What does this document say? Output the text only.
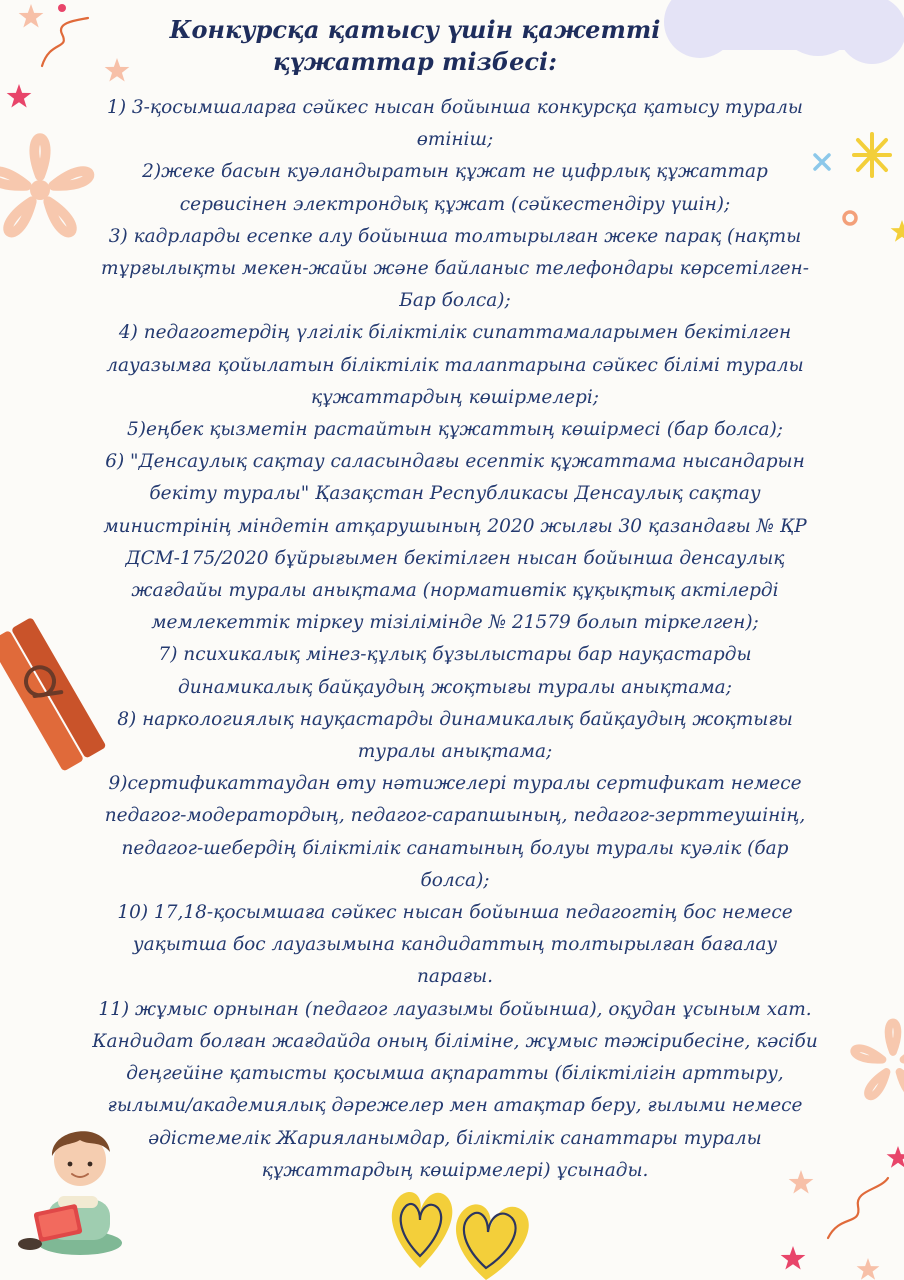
Конкурсқа қатысу үшін қажетті
құжаттар тізбесі:
1) 3-қосымшаларға сәйкес нысан бойынша конкурсқа қатысу туралы
өтініш;
2)жеке басын куәландыратын құжат не цифрлық құжаттар
сервисінен электрондық құжат (сәйкестендіру үшін);
3) кадрларды есепке алу бойынша толтырылған жеке парақ (нақты
тұрғылықты мекен-жайы және байланыс телефондары көрсетілген-
Бар болса);
4) педагогтердің үлгілік біліктілік сипаттамаларымен бекітілген
лауазымға қойылатын біліктілік талаптарына сәйкес білімі туралы
құжаттардың көшірмелері;
5)еңбек қызметін растайтын құжаттың көшірмесі (бар болса);
6) "Денсаулық сақтау саласындағы есептік құжаттама нысандарын
бекіту туралы" Қазақстан Республикасы Денсаулық сақтау
министрінің міндетін атқарушының 2020 жылғы 30 қазандағы № ҚР
ДСМ-175/2020 бұйрығымен бекітілген нысан бойынша денсаулық
жағдайы туралы анықтама (нормативтік құқықтық актілерді
мемлекеттік тіркеу тізілімінде № 21579 болып тіркелген);
7) психикалық мінез-құлық бұзылыстары бар науқастарды
динамикалық байқаудың жоқтығы туралы анықтама;
8) наркологиялық науқастарды динамикалық байқаудың жоқтығы
туралы анықтама;
9)сертификаттаудан өту нәтижелері туралы сертификат немесе
педагог-модератордың, педагог-сарапшының, педагог-зерттеушінің,
педагог-шебердің біліктілік санатының болуы туралы куәлік (бар
болса);
10) 17,18-қосымшаға сәйкес нысан бойынша педагогтің бос немесе
уақытша бос лауазымына кандидаттың толтырылған бағалау
парағы.
11) жұмыс орнынан (педагог лауазымы бойынша), оқудан ұсыным хат.
Кандидат болған жағдайда оның біліміне, жұмыс тәжірибесіне, кәсіби
деңгейіне қатысты қосымша ақпаратты (біліктілігін арттыру,
ғылыми/академиялық дәрежелер мен атақтар беру, ғылыми немесе
әдістемелік Жарияланымдар, біліктілік санаттары туралы
құжаттардың көшірмелері) ұсынады.
